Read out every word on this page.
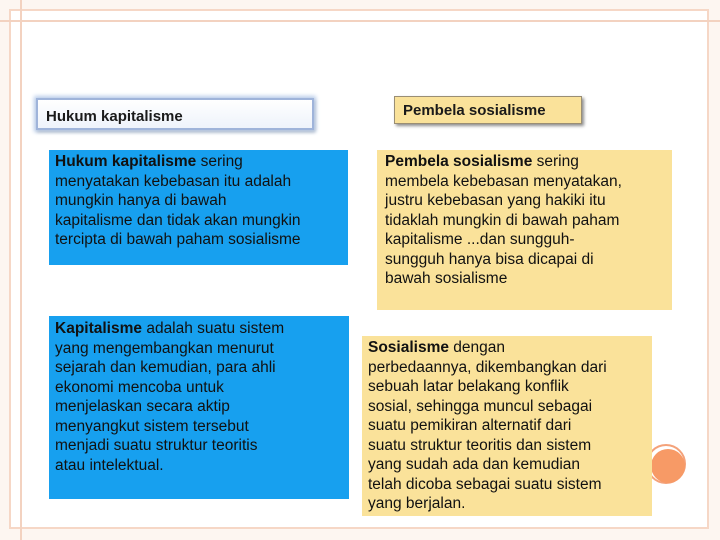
Hukum kapitalisme	Pembela sosialisme
Hukum kapitalisme sering
menyatakan kebebasan itu adalah
mungkin hanya di bawah
kapitalisme dan tidak akan mungkin
tercipta di bawah paham sosialisme
Kapitalisme adalah suatu sistem
yang mengembangkan menurut
sejarah dan kemudian, para ahli
ekonomi mencoba untuk
menjelaskan secara aktip
menyangkut sistem tersebut
menjadi suatu struktur teoritis
atau intelektual.
Pembela sosialisme sering
membela kebebasan menyatakan,
justru kebebasan yang hakiki itu
tidaklah mungkin di bawah paham
kapitalisme ...dan sungguh-
sungguh hanya bisa dicapai di
bawah sosialisme
Sosialisme dengan
perbedaannya, dikembangkan dari
sebuah latar belakang konflik
sosial, sehingga muncul sebagai
suatu pemikiran alternatif dari
suatu struktur teoritis dan sistem
yang sudah ada dan kemudian
telah dicoba sebagai suatu sistem
yang berjalan.
